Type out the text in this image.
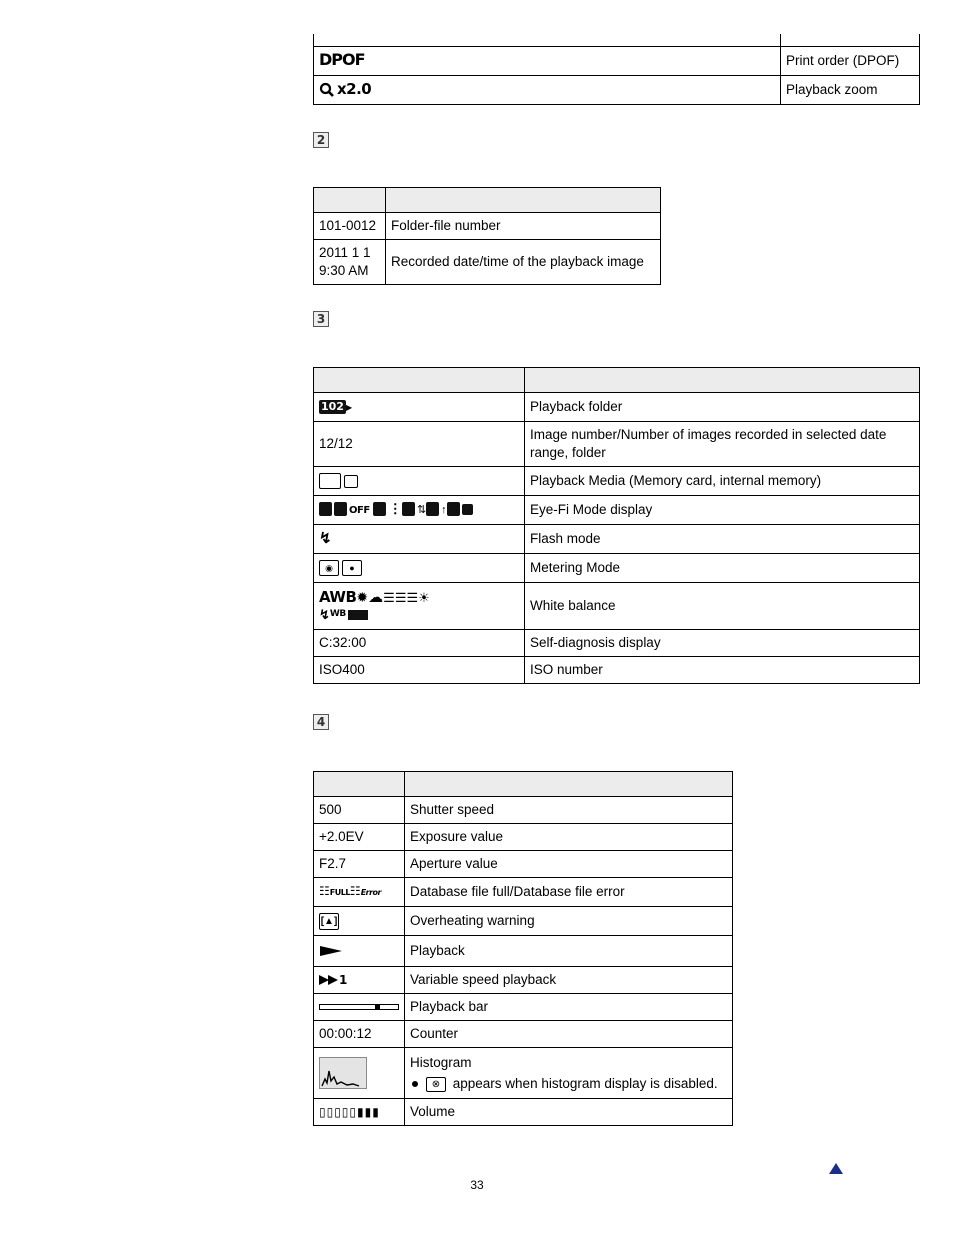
DPOF	Print order (DPOF)
x2.0	Playback zoom
2

101-0012	Folder-file number
2011 1 1
9:30 AM	Recorded date/time of the playback image
3

102 ▶	Playback folder
12/12	Image number/Number of images recorded in selected date range, folder
	Playback Media (Memory card, internal memory)
OFF ⋮ ⇅ ↑	Eye-Fi Mode display
↯	Flash mode
◉ ●	Metering Mode
AWB✹☁☰☰☰☀
↯$^{WB}$	White balance
C:32:00	Self-diagnosis display
ISO400	ISO number
4

500	Shutter speed
+2.0EV	Exposure value
F2.7	Aperture value
☷FULL☷Error	Database file full/Database file error
[▲]	Overheating warning
	Playback
1	Variable speed playback
	Playback bar
00:00:12	Counter
	Histogram
⊗ appears when histogram display is disabled.
▯▯▯▯▯▮▮▮	Volume
33
